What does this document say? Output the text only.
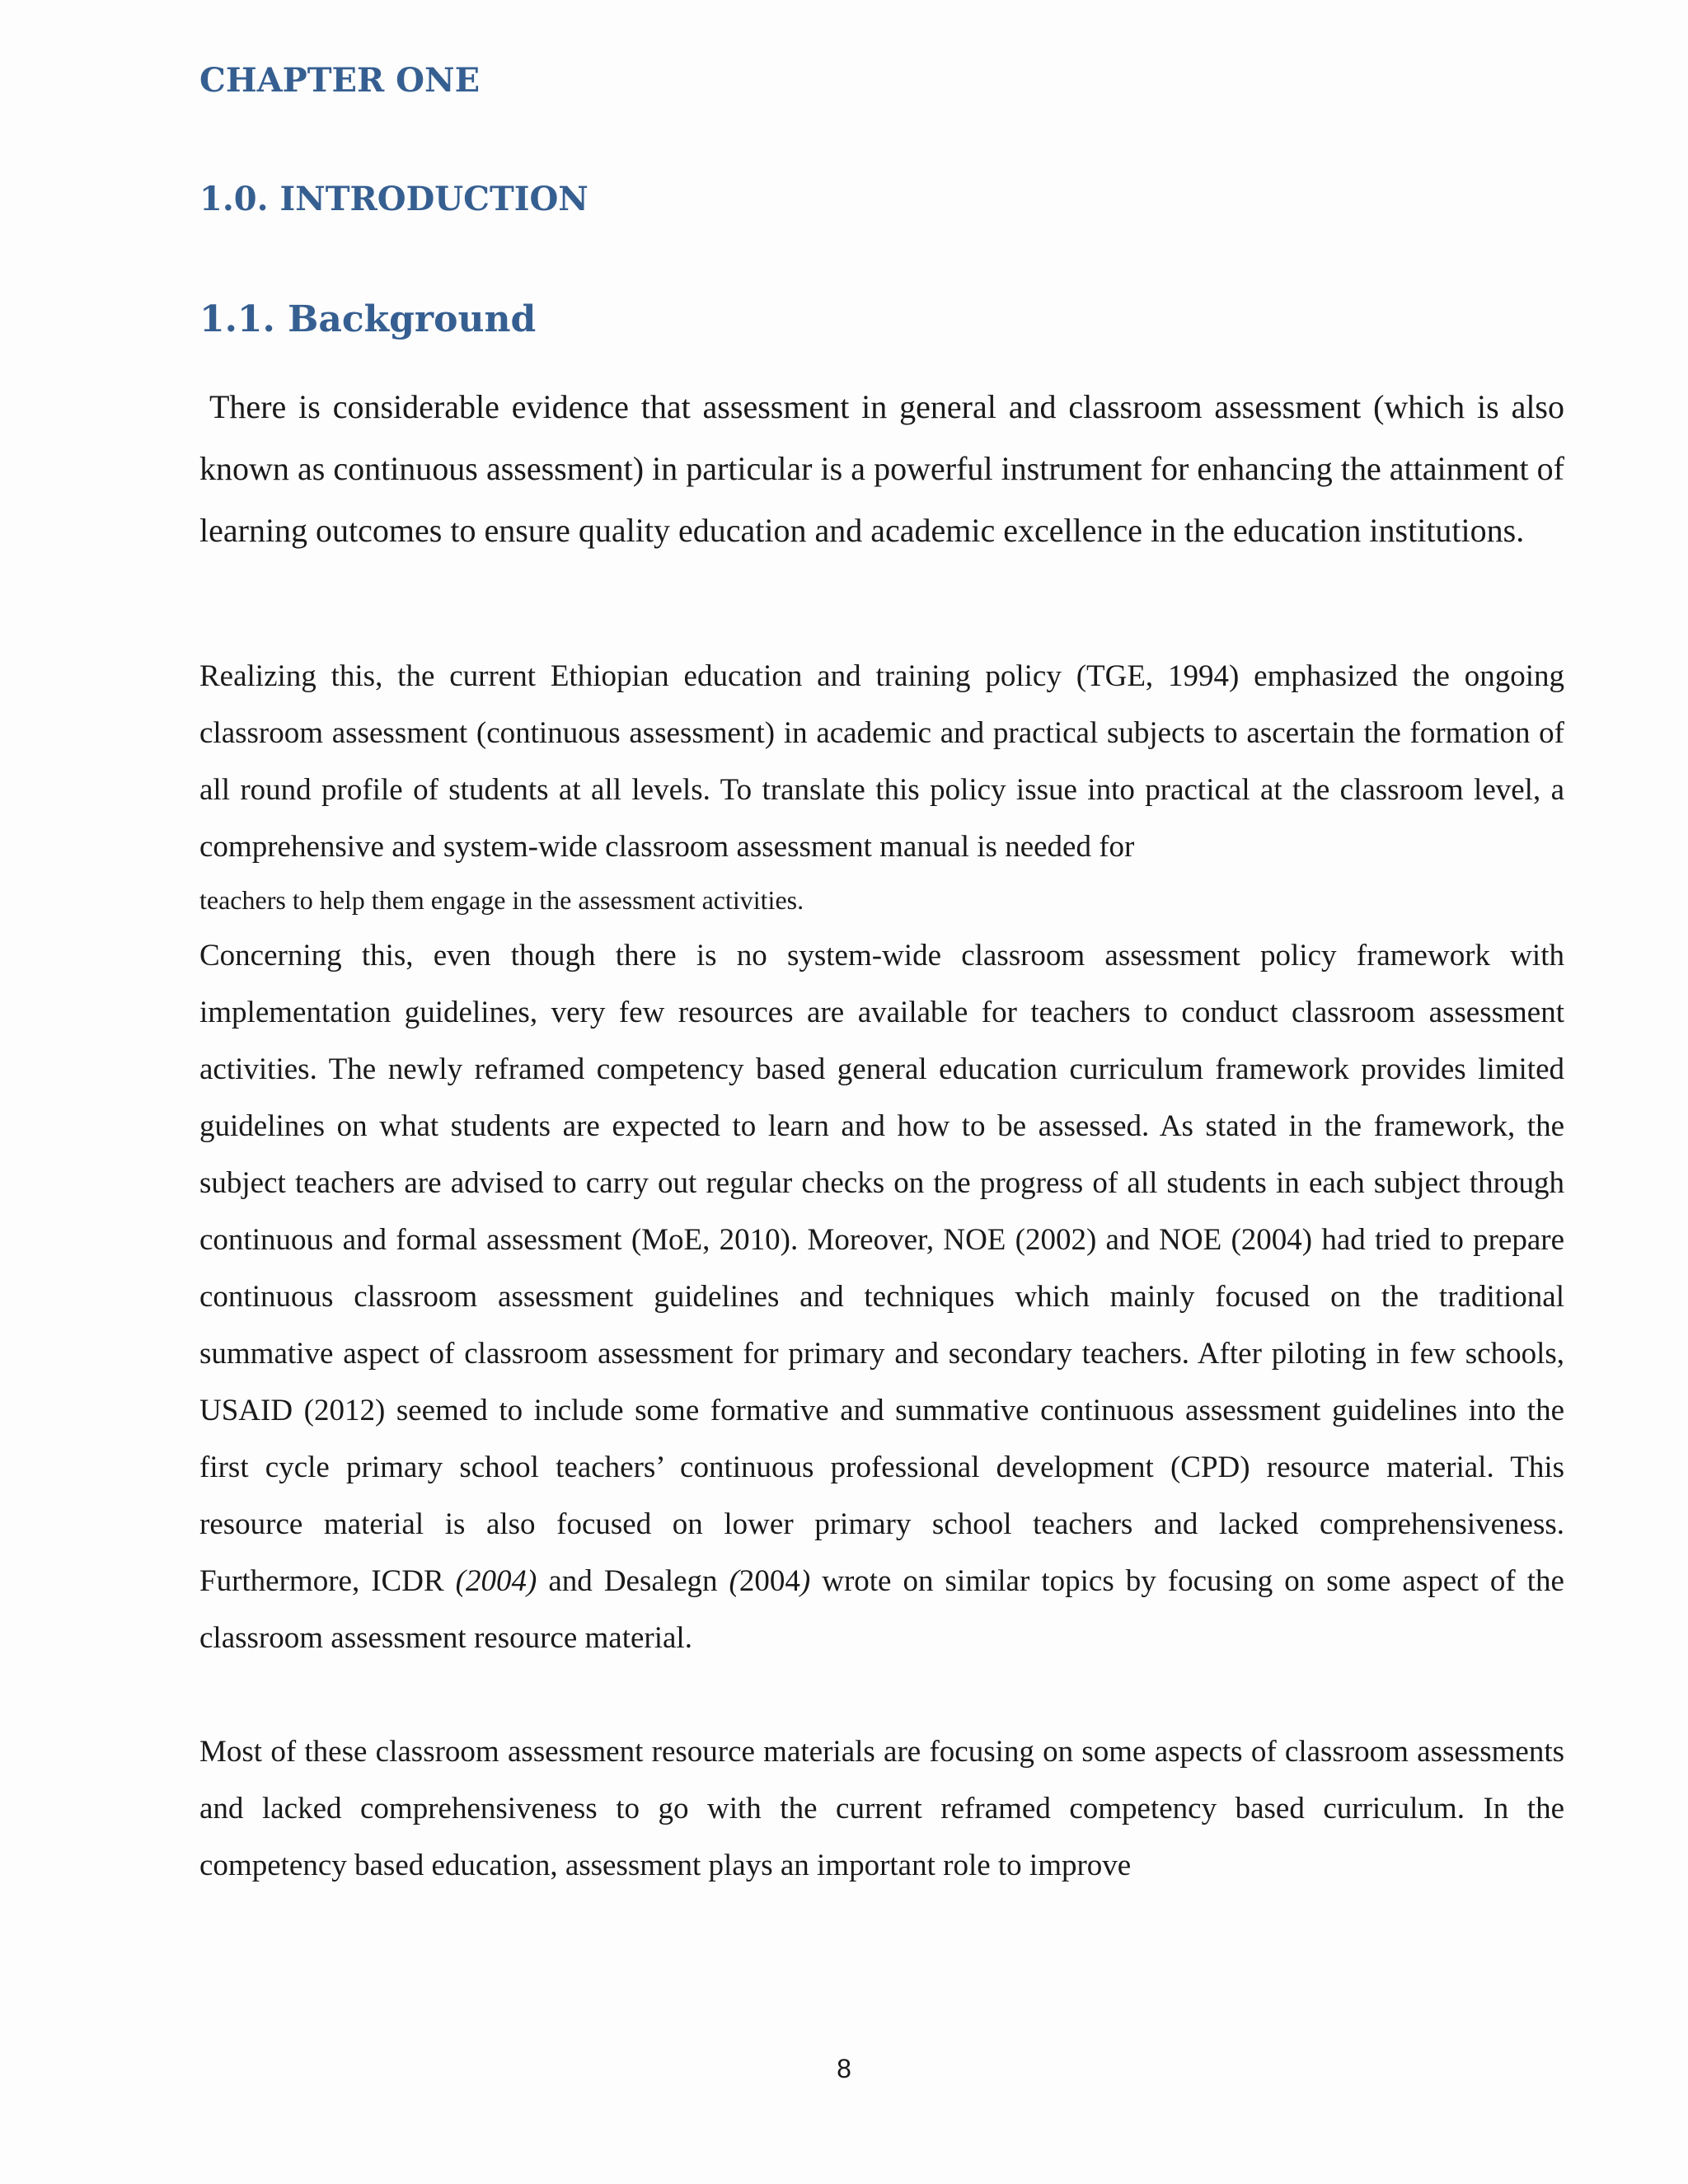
CHAPTER ONE
1.0. INTRODUCTION
1.1. Background

There is considerable evidence that assessment in general and classroom assessment (which is also known as continuous assessment) in particular is a powerful instrument for enhancing the attainment of learning outcomes to ensure quality education and academic excellence in the education institutions.

Realizing this, the current Ethiopian education and training policy (TGE, 1994) emphasized the ongoing classroom assessment (continuous assessment) in academic and practical subjects to ascertain the formation of all round profile of students at all levels. To translate this policy issue into practical at the classroom level, a comprehensive and system-wide classroom assessment manual is needed for

teachers to help them engage in the assessment activities.

Concerning this, even though there is no system-wide classroom assessment policy framework with implementation guidelines, very few resources are available for teachers to conduct classroom assessment activities. The newly reframed competency based general education curriculum framework provides limited guidelines on what students are expected to learn and how to be assessed. As stated in the framework, the subject teachers are advised to carry out regular checks on the progress of all students in each subject through continuous and formal assessment (MoE, 2010). Moreover, NOE (2002) and NOE (2004) had tried to prepare continuous classroom assessment guidelines and techniques which mainly focused on the traditional summative aspect of classroom assessment for primary and secondary teachers. After piloting in few schools, USAID (2012) seemed to include some formative and summative continuous assessment guidelines into the first cycle primary school teachers’ continuous professional development (CPD) resource material. This resource material is also focused on lower primary school teachers and lacked comprehensiveness. Furthermore, ICDR (2004) and Desalegn (2004) wrote on similar topics by focusing on some aspect of the classroom assessment resource material.

Most of these classroom assessment resource materials are focusing on some aspects of classroom assessments and lacked comprehensiveness to go with the current reframed competency based curriculum. In the competency based education, assessment plays an important role to improve

8
